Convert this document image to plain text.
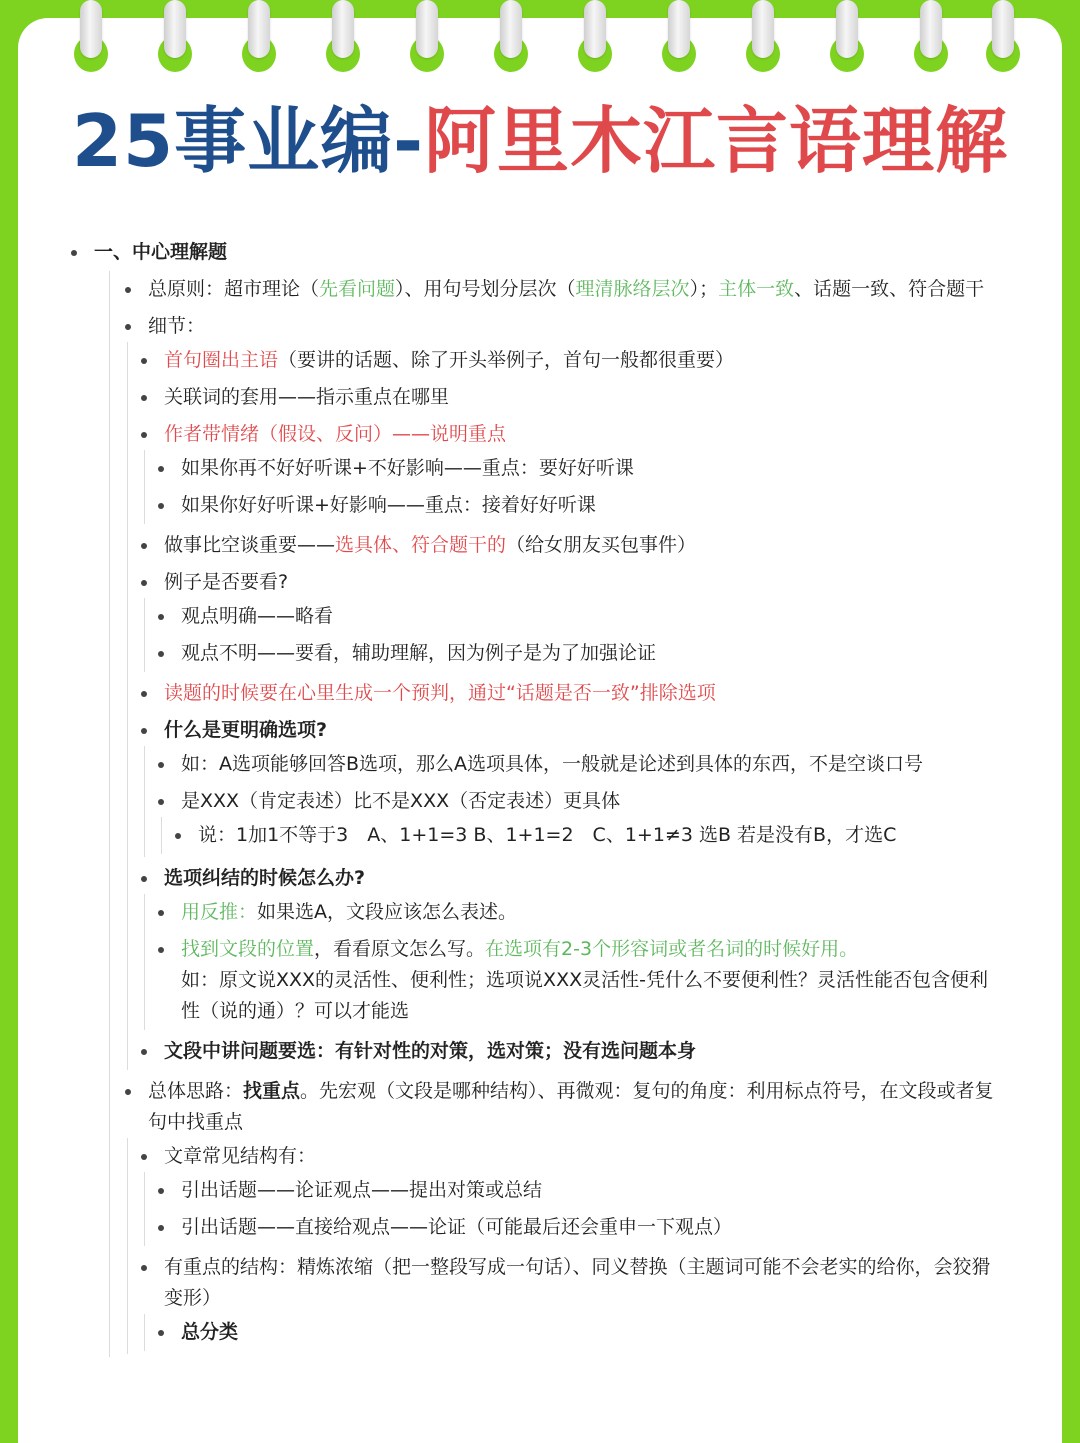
25事业编-阿里木江言语理解
一、中心理解题
总原则：超市理论（先看问题）、用句号划分层次（理清脉络层次）；主体一致、话题一致、符合题干
细节：
首句圈出主语（要讲的话题、除了开头举例子，首句一般都很重要）
关联词的套用——指示重点在哪里
作者带情绪（假设、反问）——说明重点
如果你再不好好听课+不好影响——重点：要好好听课
如果你好好听课+好影响——重点：接着好好听课
做事比空谈重要——选具体、符合题干的（给女朋友买包事件）
例子是否要看?
观点明确——略看
观点不明——要看，辅助理解，因为例子是为了加强论证
读题的时候要在心里生成一个预判，通过“话题是否一致”排除选项
什么是更明确选项?
如：A选项能够回答B选项，那么A选项具体，一般就是论述到具体的东西，不是空谈口号
是XXX（肯定表述）比不是XXX（否定表述）更具体
说：1加1不等于3　A、1+1=3 B、1+1=2　C、1+1≠3 选B 若是没有B，才选C
选项纠结的时候怎么办?
用反推：如果选A，文段应该怎么表述。
找到文段的位置，看看原文怎么写。在选项有2-3个形容词或者名词的时候好用。
如：原文说XXX的灵活性、便利性；选项说XXX灵活性-凭什么不要便利性？灵活性能否包含便利性（说的通）？可以才能选
文段中讲问题要选：有针对性的对策，选对策；没有选问题本身
总体思路：找重点。先宏观（文段是哪种结构）、再微观：复句的角度：利用标点符号，在文段或者复句中找重点
文章常见结构有：
引出话题——论证观点——提出对策或总结
引出话题——直接给观点——论证（可能最后还会重申一下观点）
有重点的结构：精炼浓缩（把一整段写成一句话）、同义替换（主题词可能不会老实的给你，会狡猾变形）
总分类
